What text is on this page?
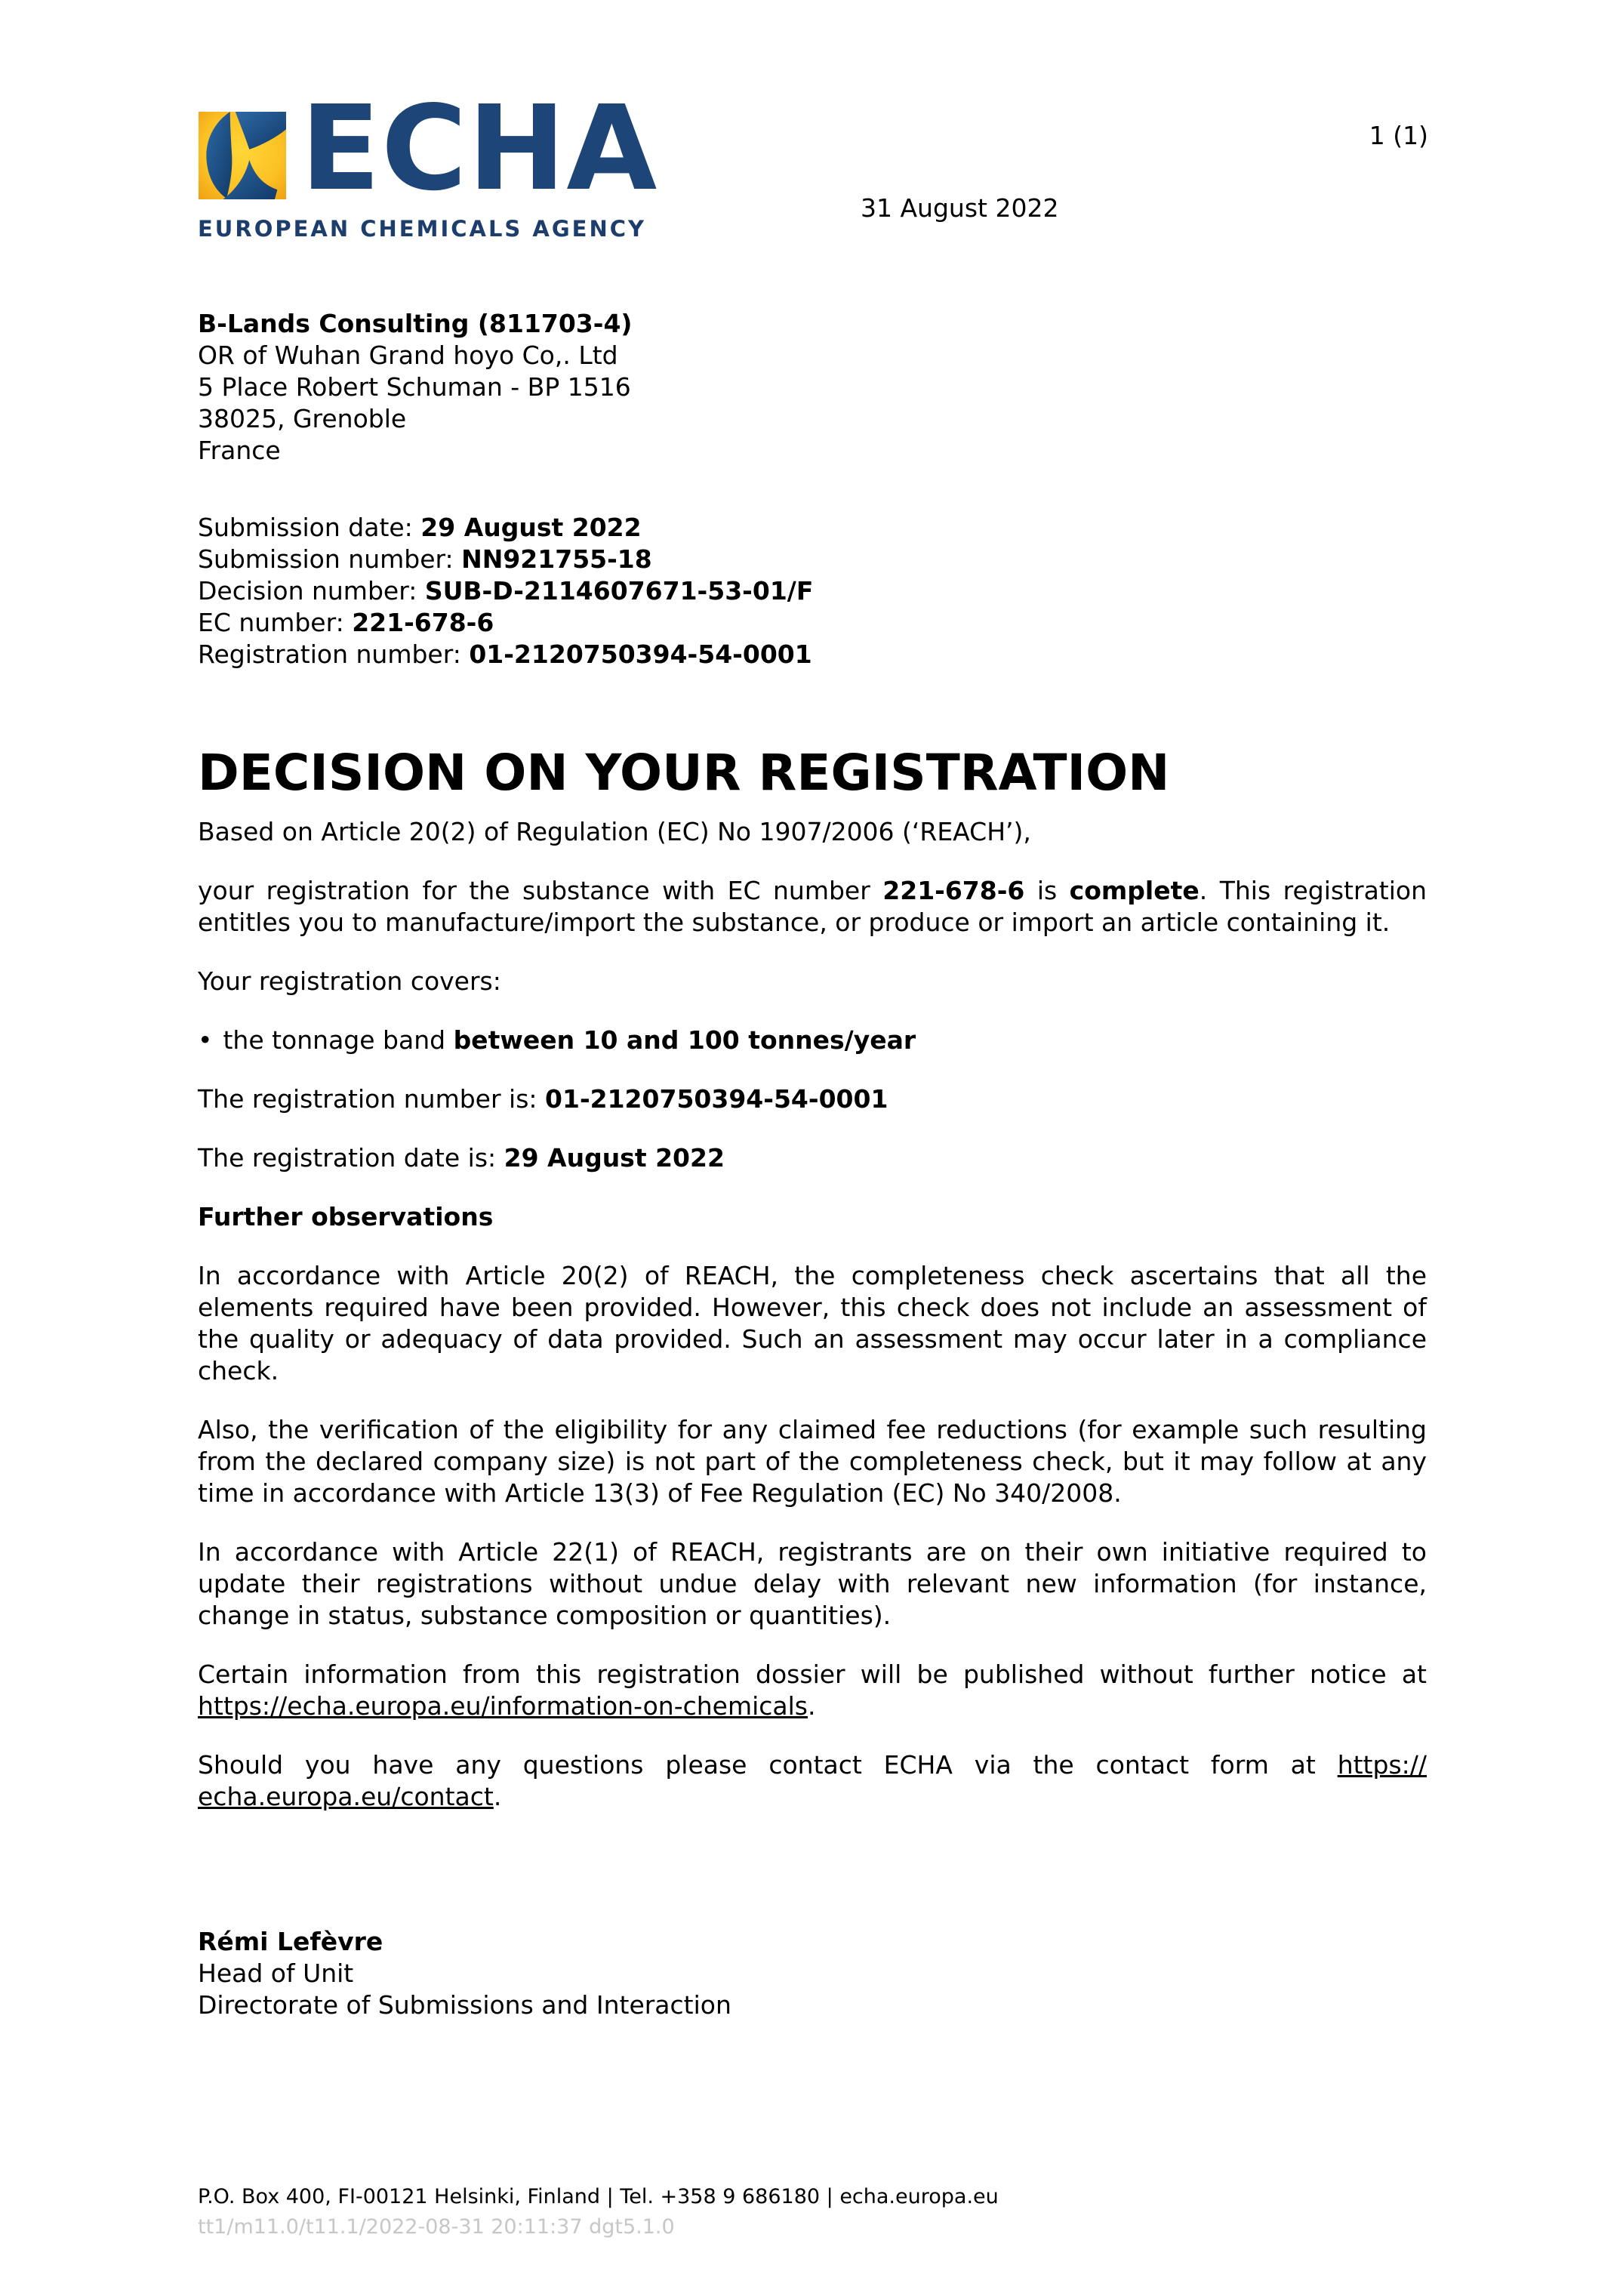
ECHA
EUROPEAN CHEMICALS AGENCY
1 (1)
31 August 2022
B-Lands Consulting (811703-4)
OR of Wuhan Grand hoyo Co,. Ltd
5 Place Robert Schuman - BP 1516
38025, Grenoble
France
Submission date: 29 August 2022
Submission number: NN921755-18
Decision number: SUB-D-2114607671-53-01/F
EC number: 221-678-6
Registration number: 01-2120750394-54-0001
DECISION ON YOUR REGISTRATION

Based on Article 20(2) of Regulation (EC) No 1907/2006 (‘REACH’),

your registration for the substance with EC number 221-678-6 is complete. This registration entitles you to manufacture/import the substance, or produce or import an article containing it.

Your registration covers:

• the tonnage band between 10 and 100 tonnes/year

The registration number is: 01-2120750394-54-0001

The registration date is: 29 August 2022

Further observations

In accordance with Article 20(2) of REACH, the completeness check ascertains that all the elements required have been provided. However, this check does not include an assessment of the quality or adequacy of data provided. Such an assessment may occur later in a compliance check.

Also, the verification of the eligibility for any claimed fee reductions (for example such resulting from the declared company size) is not part of the completeness check, but it may follow at any time in accordance with Article 13(3) of Fee Regulation (EC) No 340/2008.

In accordance with Article 22(1) of REACH, registrants are on their own initiative required to update their registrations without undue delay with relevant new information (for instance, change in status, substance composition or quantities).

Certain information from this registration dossier will be published without further notice at https://echa.europa.eu/information-on-chemicals.

Should you have any questions please contact ECHA via the contact form at https://echa.europa.eu/contact.

Rémi Lefèvre
Head of Unit
Directorate of Submissions and Interaction
P.O. Box 400, FI-00121 Helsinki, Finland | Tel. +358 9 686180 | echa.europa.eu
tt1/m11.0/t11.1/2022-08-31 20:11:37 dgt5.1.0
